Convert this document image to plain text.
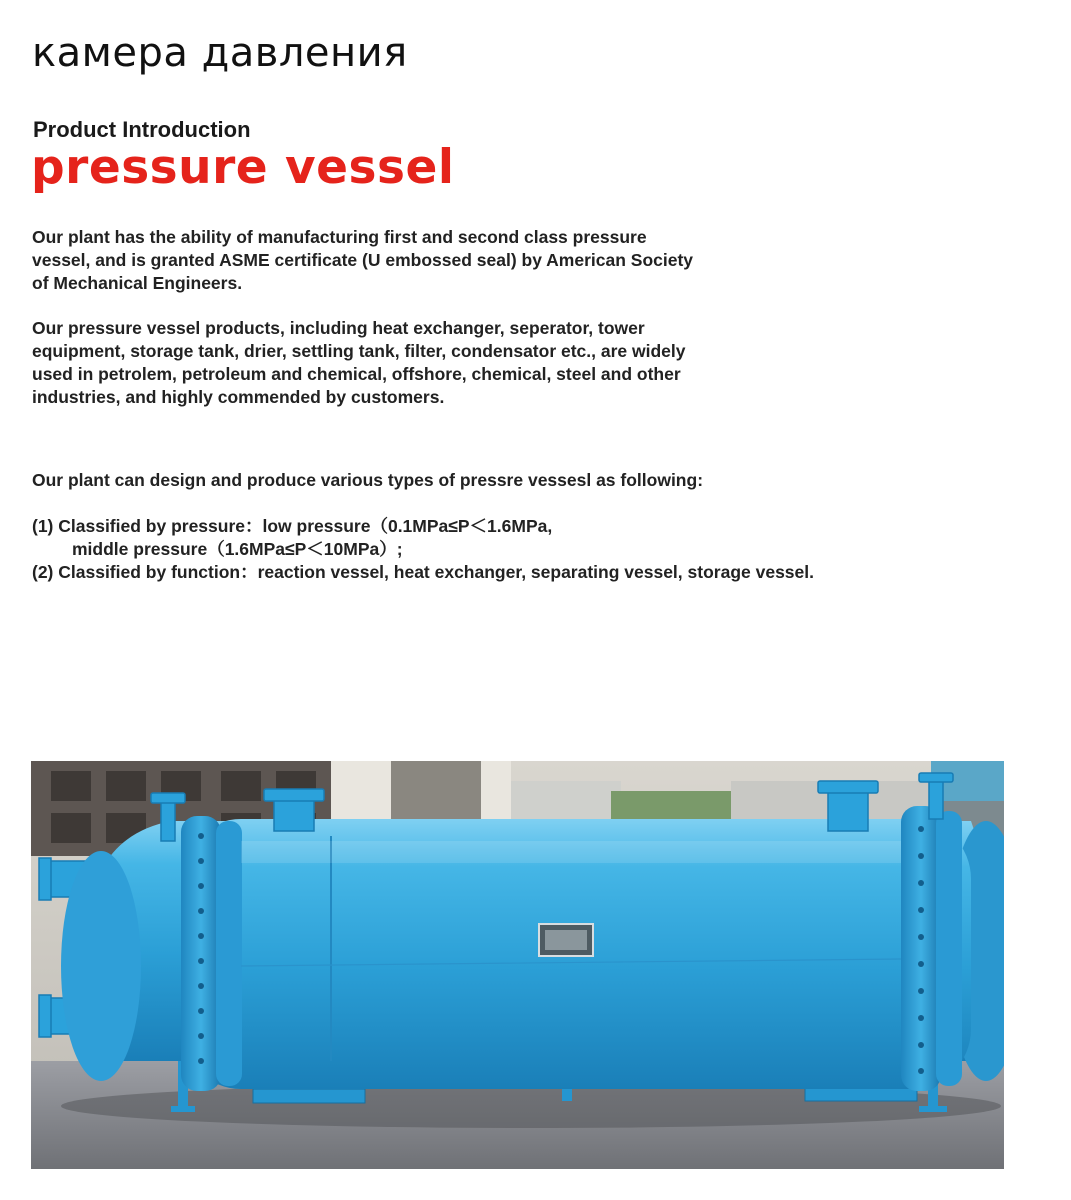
камера давления
Product Introduction
pressure vessel

Our plant has the ability of manufacturing first and second class pressure vessel, and is granted ASME certificate (U embossed seal) by American Society of Mechanical Engineers.

Our pressure vessel products, including heat exchanger, seperator, tower equipment, storage tank, drier, settling tank, filter, condensator etc., are widely used in petrolem, petroleum and chemical, offshore, chemical, steel and other industries, and highly commended by customers.

Our plant can design and produce various types of pressre vessesl as following:

(1) Classified by pressure：low pressure（0.1MPa≤P＜1.6MPa,
middle pressure（1.6MPa≤P＜10MPa）;
(2) Classified by function：reaction vessel, heat exchanger, separating vessel, storage vessel.
